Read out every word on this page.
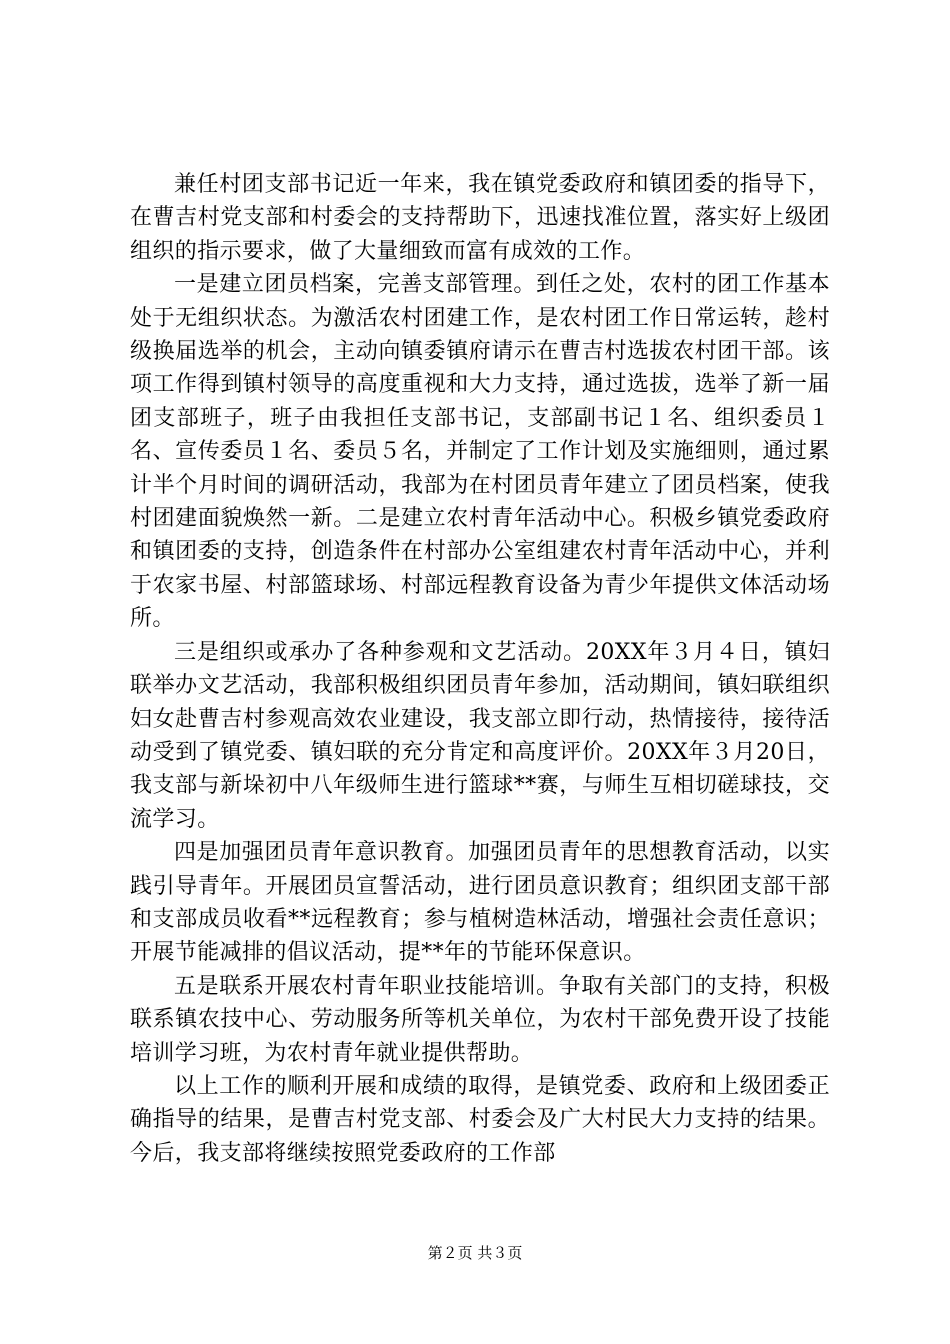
兼任村团支部书记近一年来，我在镇党委政府和镇团委的指导下，在曹吉村党支部和村委会的支持帮助下，迅速找准位置，落实好上级团组织的指示要求，做了大量细致而富有成效的工作。

一是建立团员档案，完善支部管理。到任之处，农村的团工作基本处于无组织状态。为激活农村团建工作，是农村团工作日常运转，趁村级换届选举的机会，主动向镇委镇府请示在曹吉村选拔农村团干部。该项工作得到镇村领导的高度重视和大力支持，通过选拔，选举了新一届团支部班子，班子由我担任支部书记，支部副书记１名、组织委员１名、宣传委员１名、委员５名，并制定了工作计划及实施细则，通过累计半个月时间的调研活动，我部为在村团员青年建立了团员档案，使我村团建面貌焕然一新。二是建立农村青年活动中心。积极乡镇党委政府和镇团委的支持，创造条件在村部办公室组建农村青年活动中心，并利于农家书屋、村部篮球场、村部远程教育设备为青少年提供文体活动场所。

三是组织或承办了各种参观和文艺活动。20XX年３月４日，镇妇联举办文艺活动，我部积极组织团员青年参加，活动期间，镇妇联组织妇女赴曹吉村参观高效农业建设，我支部立即行动，热情接待，接待活动受到了镇党委、镇妇联的充分肯定和高度评价。20XX年３月20日，我支部与新垛初中八年级师生进行篮球**赛，与师生互相切磋球技，交流学习。

四是加强团员青年意识教育。加强团员青年的思想教育活动，以实践引导青年。开展团员宣誓活动，进行团员意识教育；组织团支部干部和支部成员收看**远程教育；参与植树造林活动，增强社会责任意识；开展节能减排的倡议活动，提**年的节能环保意识。

五是联系开展农村青年职业技能培训。争取有关部门的支持，积极联系镇农技中心、劳动服务所等机关单位，为农村干部免费开设了技能培训学习班，为农村青年就业提供帮助。

以上工作的顺利开展和成绩的取得，是镇党委、政府和上级团委正确指导的结果，是曹吉村党支部、村委会及广大村民大力支持的结果。今后，我支部将继续按照党委政府的工作部

第２页 共３页
